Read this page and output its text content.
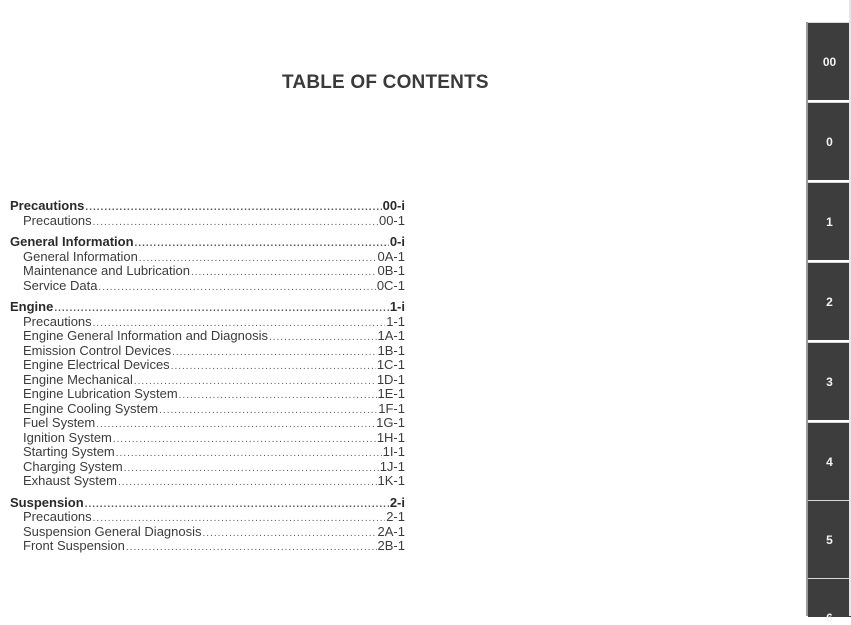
TABLE OF CONTENTS
Precautions .....	00-i
Precautions .....	00-1
General Information .....	0-i
General Information .....	0A-1
Maintenance and Lubrication .....	0B-1
Service Data .....	0C-1
Engine .....	1-i
Precautions .....	1-1
Engine General Information and Diagnosis .....	1A-1
Emission Control Devices .....	1B-1
Engine Electrical Devices .....	1C-1
Engine Mechanical .....	1D-1
Engine Lubrication System .....	1E-1
Engine Cooling System .....	1F-1
Fuel System .....	1G-1
Ignition System .....	1H-1
Starting System .....	1I-1
Charging System .....	1J-1
Exhaust System .....	1K-1
Suspension .....	2-i
Precautions .....	2-1
Suspension General Diagnosis .....	2A-1
Front Suspension .....	2B-1
00
0
1
2
3
4
5
6
